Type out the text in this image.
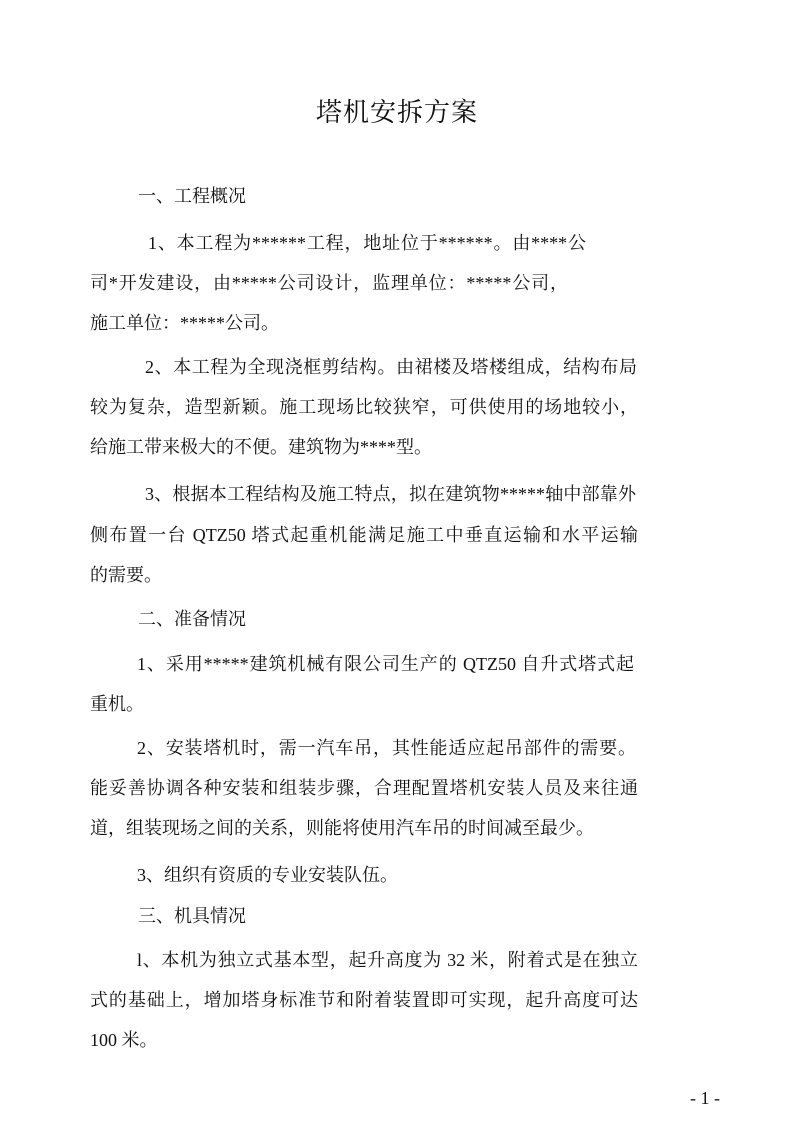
塔机安拆方案
一、工程概况
1、本工程为******工程，地址位于******。由****公
司*开发建设，由*****公司设计，监理单位：*****公司，
施工单位：*****公司。
2、本工程为全现浇框剪结构。由裙楼及塔楼组成，结构布局
较为复杂，造型新颖。施工现场比较狭窄，可供使用的场地较小，
给施工带来极大的不便。建筑物为****型。
3、根据本工程结构及施工特点，拟在建筑物*****轴中部靠外
侧布置一台 QTZ50 塔式起重机能满足施工中垂直运输和水平运输
的需要。
二、准备情况
1、采用*****建筑机械有限公司生产的 QTZ50 自升式塔式起
重机。
2、安装塔机时，需一汽车吊，其性能适应起吊部件的需要。
能妥善协调各种安装和组装步骤，合理配置塔机安装人员及来往通
道，组装现场之间的关系，则能将使用汽车吊的时间减至最少。
3、组织有资质的专业安装队伍。
三、机具情况
l、本机为独立式基本型，起升高度为 32 米，附着式是在独立
式的基础上，增加塔身标准节和附着装置即可实现，起升高度可达
100 米。
- 1 -
